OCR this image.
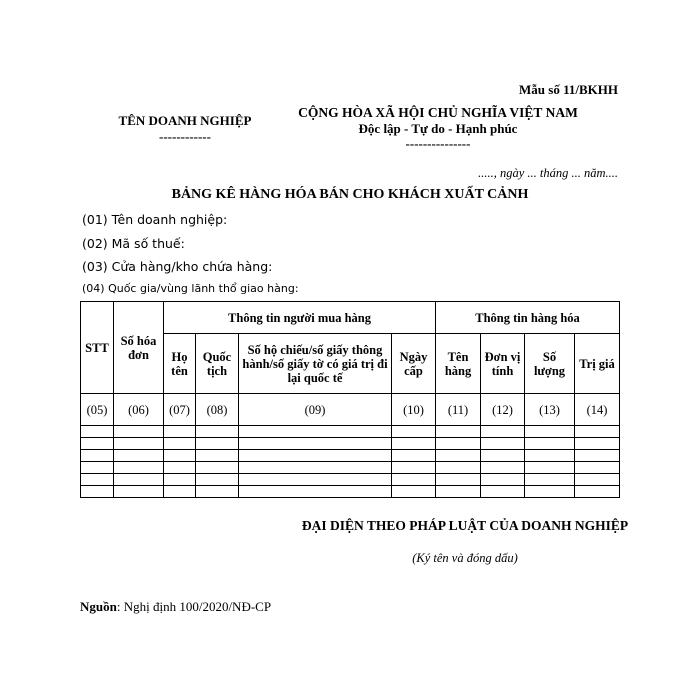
Mẫu số 11/BKHH
TÊN DOANH NGHIỆP
------------
CỘNG HÒA XÃ HỘI CHỦ NGHĨA VIỆT NAM
Độc lập - Tự do - Hạnh phúc
---------------
....., ngày ... tháng ... năm....
BẢNG KÊ HÀNG HÓA BÁN CHO KHÁCH XUẤT CẢNH
(01) Tên doanh nghiệp:
(02) Mã số thuế:
(03) Cửa hàng/kho chứa hàng:
(04) Quốc gia/vùng lãnh thổ giao hàng:
STT	Số hóa đơn	Thông tin người mua hàng				Thông tin hàng hóa			
		Họ tên	Quốc tịch	Số hộ chiếu/số giấy thông hành/số giấy tờ có giá trị đi lại quốc tế	Ngày cấp	Tên hàng	Đơn vị tính	Số lượng	Trị giá
(05)	(06)	(07)	(08)	(09)	(10)	(11)	(12)	(13)	(14)

ĐẠI DIỆN THEO PHÁP LUẬT CỦA DOANH NGHIỆP
(Ký tên và đóng dấu)
Nguồn: Nghị định 100/2020/NĐ-CP
